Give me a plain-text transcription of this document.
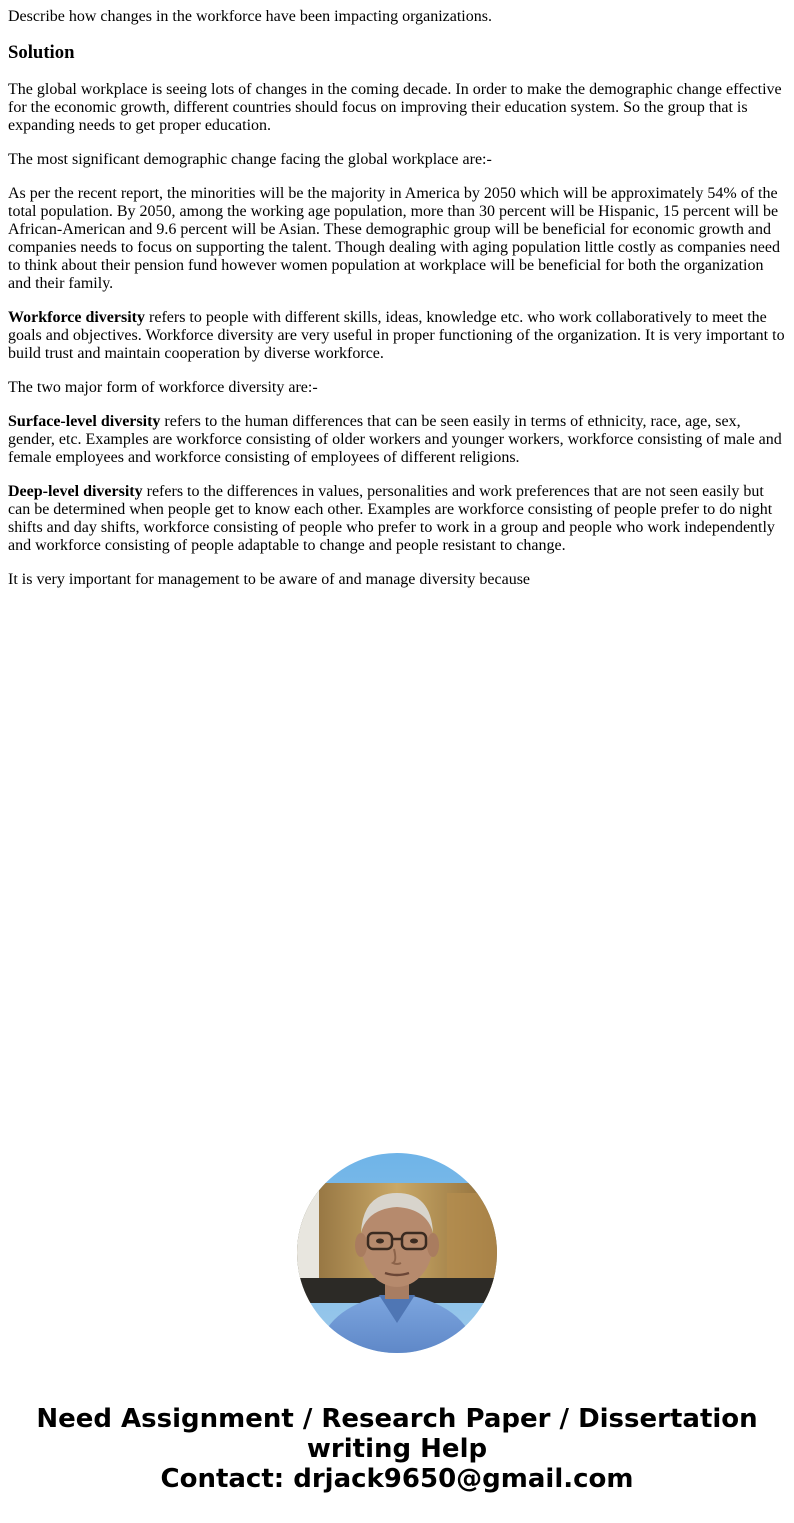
Describe how changes in the workforce have been impacting organizations.

Solution

The global workplace is seeing lots of changes in the coming decade. In order to make the demographic change effective for the economic growth, different countries should focus on improving their education system. So the group that is expanding needs to get proper education.

The most significant demographic change facing the global workplace are:-

As per the recent report, the minorities will be the majority in America by 2050 which will be approximately 54% of the total population. By 2050, among the working age population, more than 30 percent will be Hispanic, 15 percent will be African-American and 9.6 percent will be Asian. These demographic group will be beneficial for economic growth and companies needs to focus on supporting the talent. Though dealing with aging population little costly as companies need to think about their pension fund however women population at workplace will be beneficial for both the organization and their family.

Workforce diversity refers to people with different skills, ideas, knowledge etc. who work collaboratively to meet the goals and objectives. Workforce diversity are very useful in proper functioning of the organization. It is very important to build trust and maintain cooperation by diverse workforce.

The two major form of workforce diversity are:-

Surface-level diversity refers to the human differences that can be seen easily in terms of ethnicity, race, age, sex, gender, etc. Examples are workforce consisting of older workers and younger workers, workforce consisting of male and female employees and workforce consisting of employees of different religions.

Deep-level diversity refers to the differences in values, personalities and work preferences that are not seen easily but can be determined when people get to know each other. Examples are workforce consisting of people prefer to do night shifts and day shifts, workforce consisting of people who prefer to work in a group and people who work independently and workforce consisting of people adaptable to change and people resistant to change.

It is very important for management to be aware of and manage diversity because

Need Assignment / Research Paper / Dissertation
writing Help
Contact: drjack9650@gmail.com
